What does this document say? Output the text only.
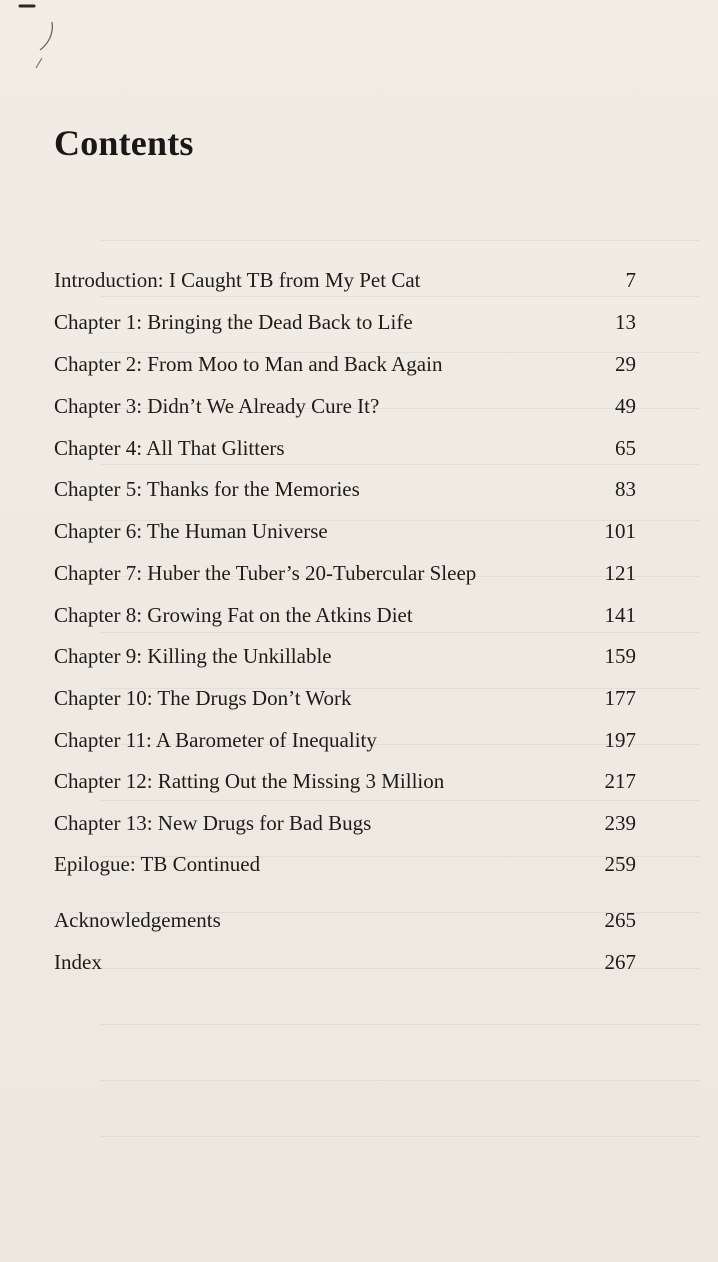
Contents
Introduction: I Caught TB from My Pet Cat	7
Chapter 1: Bringing the Dead Back to Life	13
Chapter 2: From Moo to Man and Back Again	29
Chapter 3: Didn’t We Already Cure It?	49
Chapter 4: All That Glitters	65
Chapter 5: Thanks for the Memories	83
Chapter 6: The Human Universe	101
Chapter 7: Huber the Tuber’s 20-Tubercular Sleep	121
Chapter 8: Growing Fat on the Atkins Diet	141
Chapter 9: Killing the Unkillable	159
Chapter 10: The Drugs Don’t Work	177
Chapter 11: A Barometer of Inequality	197
Chapter 12: Ratting Out the Missing 3 Million	217
Chapter 13: New Drugs for Bad Bugs	239
Epilogue: TB Continued	259
Acknowledgements	265
Index	267
